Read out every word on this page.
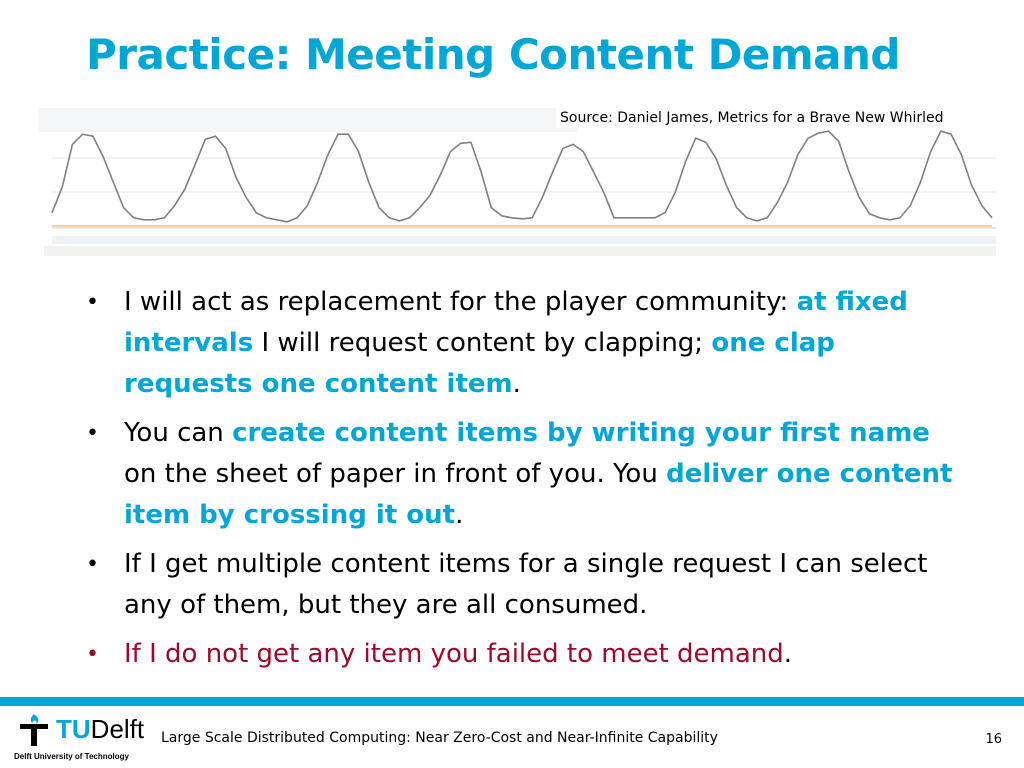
Practice: Meeting Content Demand
Source: Daniel James, Metrics for a Brave New Whirled
• I will act as replacement for the player community: at fixed intervals I will request content by clapping; one clap requests one content item.
• You can create content items by writing your first name on the sheet of paper in front of you. You deliver one content item by crossing it out.
• If I get multiple content items for a single request I can select any of them, but they are all consumed.
• If I do not get any item you failed to meet demand.
TUDelft
Delft University of Technology
Large Scale Distributed Computing: Near Zero-Cost and Near-Infinite Capability	16
